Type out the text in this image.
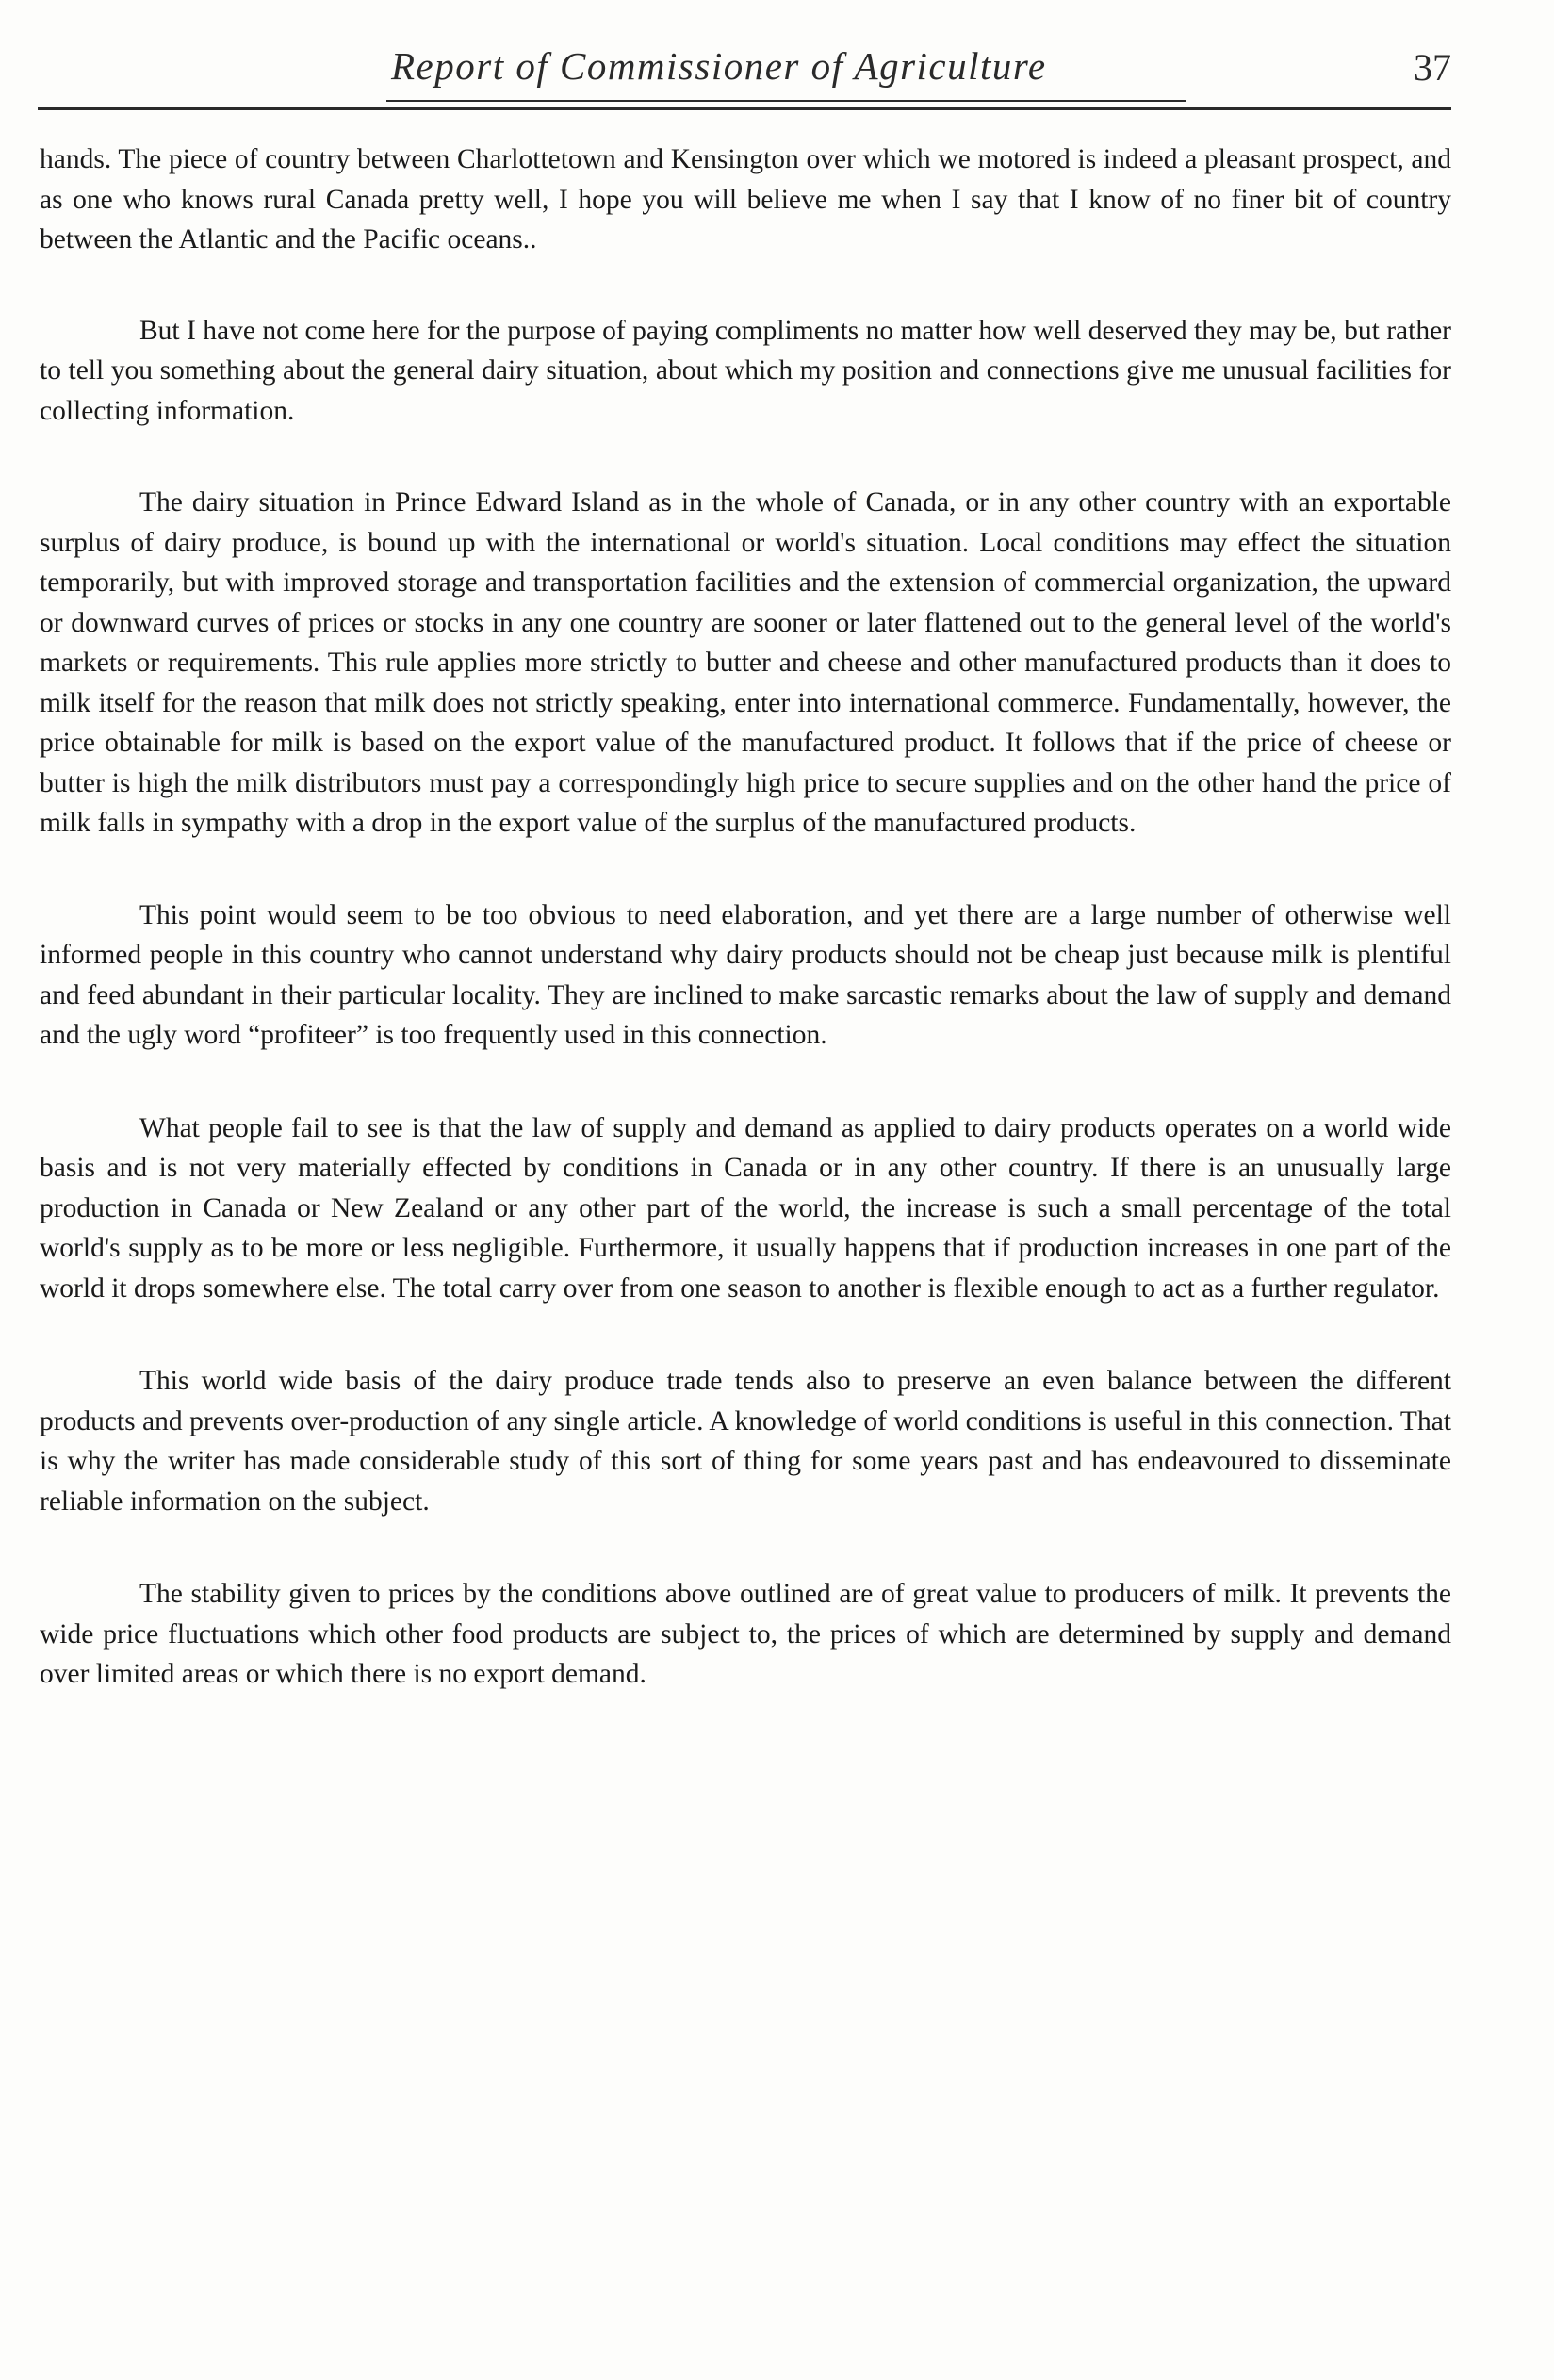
Report of Commissioner of Agriculture	37

hands. The piece of country between Charlottetown and Kensington over which we motored is indeed a pleasant prospect, and as one who knows rural Canada pretty well, I hope you will believe me when I say that I know of no finer bit of country between the Atlantic and the Pacific oceans..

But I have not come here for the purpose of paying compliments no matter how well deserved they may be, but rather to tell you something about the general dairy situation, about which my position and connections give me unusual facilities for collecting information.

The dairy situation in Prince Edward Island as in the whole of Canada, or in any other country with an exportable surplus of dairy produce, is bound up with the international or world's situation. Local conditions may effect the situation temporarily, but with improved storage and transportation facilities and the extension of commercial organization, the upward or downward curves of prices or stocks in any one country are sooner or later flattened out to the general level of the world's markets or requirements. This rule applies more strictly to butter and cheese and other manufactured products than it does to milk itself for the reason that milk does not strictly speaking, enter into international commerce. Fundamentally, however, the price obtainable for milk is based on the export value of the manufactured product. It follows that if the price of cheese or butter is high the milk distributors must pay a correspondingly high price to secure supplies and on the other hand the price of milk falls in sympathy with a drop in the export value of the surplus of the manufactured products.

This point would seem to be too obvious to need elaboration, and yet there are a large number of otherwise well informed people in this country who cannot understand why dairy products should not be cheap just because milk is plentiful and feed abundant in their particular locality. They are inclined to make sarcastic remarks about the law of supply and demand and the ugly word “profiteer” is too frequently used in this connection.

What people fail to see is that the law of supply and demand as applied to dairy products operates on a world wide basis and is not very materially effected by conditions in Canada or in any other country. If there is an unusually large production in Canada or New Zealand or any other part of the world, the increase is such a small percentage of the total world's supply as to be more or less negligible. Furthermore, it usually happens that if production increases in one part of the world it drops somewhere else. The total carry over from one season to another is flexible enough to act as a further regulator.

This world wide basis of the dairy produce trade tends also to preserve an even balance between the different products and prevents over-production of any single article. A knowledge of world conditions is useful in this connection. That is why the writer has made considerable study of this sort of thing for some years past and has endeavoured to disseminate reliable information on the subject.

The stability given to prices by the conditions above outlined are of great value to producers of milk. It prevents the wide price fluctuations which other food products are subject to, the prices of which are determined by supply and demand over limited areas or which there is no export demand.
